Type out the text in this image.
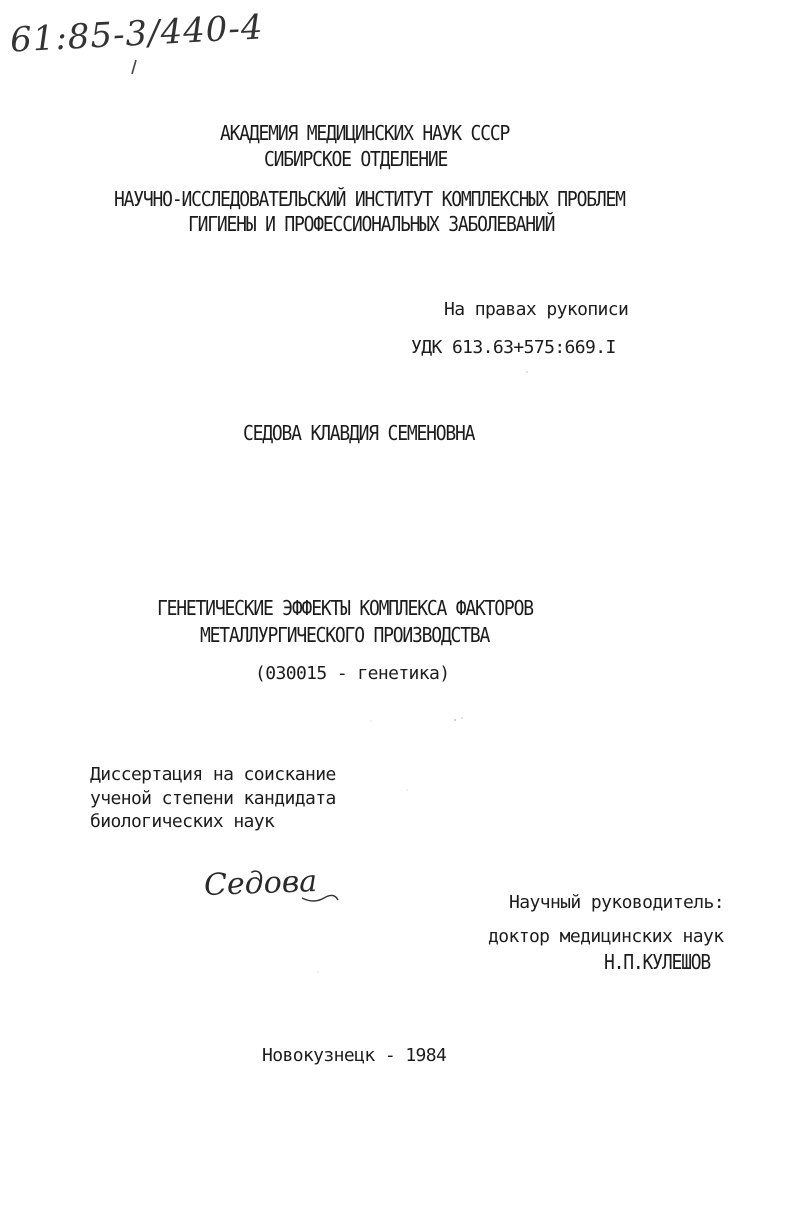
61:85-3/440-4
АКАДЕМИЯ МЕДИЦИНСКИХ НАУК СССР
СИБИРСКОЕ ОТДЕЛЕНИЕ
НАУЧНО-ИССЛЕДОВАТЕЛЬСКИЙ ИНСТИТУТ КОМПЛЕКСНЫХ ПРОБЛЕМ
ГИГИЕНЫ И ПРОФЕССИОНАЛЬНЫХ ЗАБОЛЕВАНИЙ
На правах рукописи
УДК 613.63+575:669.I
СЕДОВА КЛАВДИЯ СЕМЕНОВНА
ГЕНЕТИЧЕСКИЕ ЭФФЕКТЫ КОМПЛЕКСА ФАКТОРОВ
МЕТАЛЛУРГИЧЕСКОГО ПРОИЗВОДСТВА
(030015 - генетика)
Диссертация на соискание
ученой степени кандидата
биологических наук
Седова	Научный руководитель:
доктор медицинских наук
Н.П.КУЛЕШОВ
Новокузнецк - 1984
